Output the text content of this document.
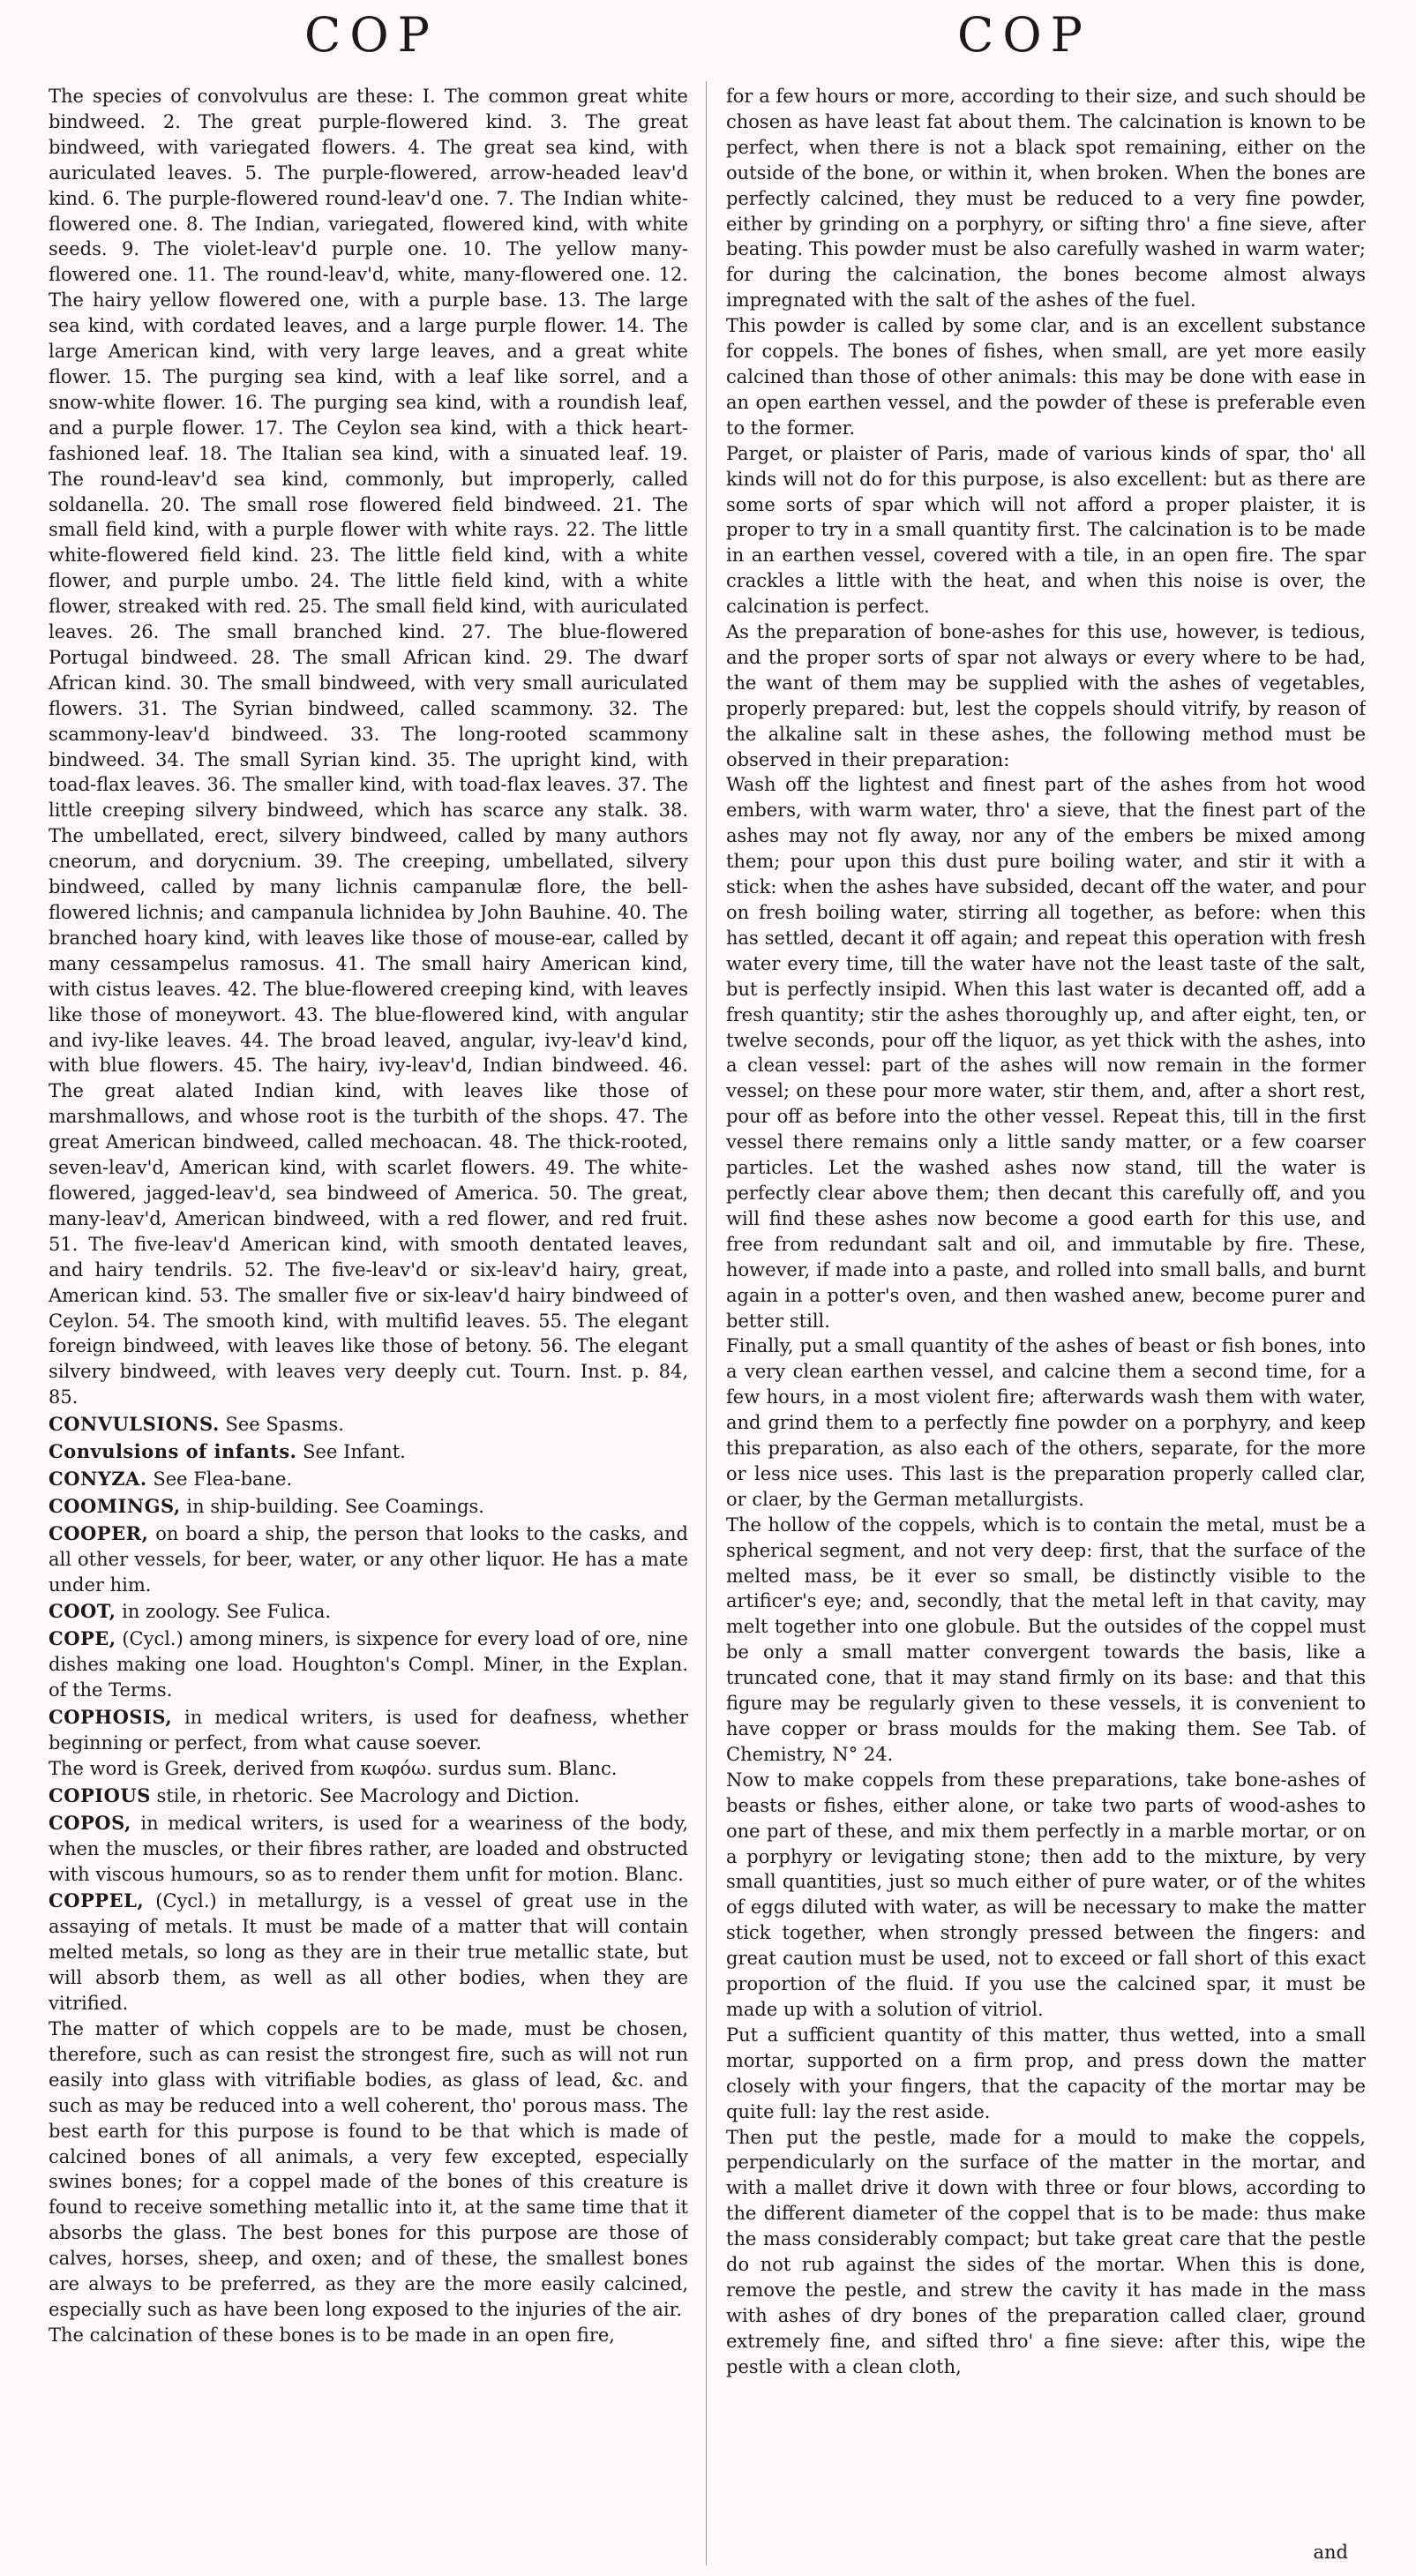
COP	COP

The species of convolvulus are these: I. The common great white bindweed. 2. The great purple-flowered kind. 3. The great bindweed, with variegated flowers. 4. The great sea kind, with auriculated leaves. 5. The purple-flowered, arrow-headed leav'd kind. 6. The purple-flowered round-leav'd one. 7. The Indian white-flowered one. 8. The Indian, variegated, flowered kind, with white seeds. 9. The violet-leav'd purple one. 10. The yellow many-flowered one. 11. The round-leav'd, white, many-flowered one. 12. The hairy yellow flowered one, with a purple base. 13. The large sea kind, with cordated leaves, and a large purple flower. 14. The large American kind, with very large leaves, and a great white flower. 15. The purging sea kind, with a leaf like sorrel, and a snow-white flower. 16. The purging sea kind, with a roundish leaf, and a purple flower. 17. The Ceylon sea kind, with a thick heart-fashioned leaf. 18. The Italian sea kind, with a sinuated leaf. 19. The round-leav'd sea kind, commonly, but improperly, called soldanella. 20. The small rose flowered field bindweed. 21. The small field kind, with a purple flower with white rays. 22. The little white-flowered field kind. 23. The little field kind, with a white flower, and purple umbo. 24. The little field kind, with a white flower, streaked with red. 25. The small field kind, with auriculated leaves. 26. The small branched kind. 27. The blue-flowered Portugal bindweed. 28. The small African kind. 29. The dwarf African kind. 30. The small bindweed, with very small auriculated flowers. 31. The Syrian bindweed, called scammony. 32. The scammony-leav'd bindweed. 33. The long-rooted scammony bindweed. 34. The small Syrian kind. 35. The upright kind, with toad-flax leaves. 36. The smaller kind, with toad-flax leaves. 37. The little creeping silvery bindweed, which has scarce any stalk. 38. The umbellated, erect, silvery bindweed, called by many authors cneorum, and dorycnium. 39. The creeping, umbellated, silvery bindweed, called by many lichnis campanulæ flore, the bell-flowered lichnis; and campanula lichnidea by John Bauhine. 40. The branched hoary kind, with leaves like those of mouse-ear, called by many cessampelus ramosus. 41. The small hairy American kind, with cistus leaves. 42. The blue-flowered creeping kind, with leaves like those of moneywort. 43. The blue-flowered kind, with angular and ivy-like leaves. 44. The broad leaved, angular, ivy-leav'd kind, with blue flowers. 45. The hairy, ivy-leav'd, Indian bindweed. 46. The great alated Indian kind, with leaves like those of marshmallows, and whose root is the turbith of the shops. 47. The great American bindweed, called mechoacan. 48. The thick-rooted, seven-leav'd, American kind, with scarlet flowers. 49. The white-flowered, jagged-leav'd, sea bindweed of America. 50. The great, many-leav'd, American bindweed, with a red flower, and red fruit. 51. The five-leav'd American kind, with smooth dentated leaves, and hairy tendrils. 52. The five-leav'd or six-leav'd hairy, great, American kind. 53. The smaller five or six-leav'd hairy bindweed of Ceylon. 54. The smooth kind, with multifid leaves. 55. The elegant foreign bindweed, with leaves like those of betony. 56. The elegant silvery bindweed, with leaves very deeply cut. Tourn. Inst. p. 84, 85.

CONVULSIONS. See Spasms.

Convulsions of infants. See Infant.

CONYZA. See Flea-bane.

COOMINGS, in ship-building. See Coamings.

COOPER, on board a ship, the person that looks to the casks, and all other vessels, for beer, water, or any other liquor. He has a mate under him.

COOT, in zoology. See Fulica.

COPE, (Cycl.) among miners, is sixpence for every load of ore, nine dishes making one load. Houghton's Compl. Miner, in the Explan. of the Terms.

COPHOSIS, in medical writers, is used for deafness, whether beginning or perfect, from what cause soever.

The word is Greek, derived from κωφόω. surdus sum. Blanc.

COPIOUS stile, in rhetoric. See Macrology and Diction.

COPOS, in medical writers, is used for a weariness of the body, when the muscles, or their fibres rather, are loaded and obstructed with viscous humours, so as to render them unfit for motion. Blanc.

COPPEL, (Cycl.) in metallurgy, is a vessel of great use in the assaying of metals. It must be made of a matter that will contain melted metals, so long as they are in their true metallic state, but will absorb them, as well as all other bodies, when they are vitrified.

The matter of which coppels are to be made, must be chosen, therefore, such as can resist the strongest fire, such as will not run easily into glass with vitrifiable bodies, as glass of lead, &c. and such as may be reduced into a well coherent, tho' porous mass. The best earth for this purpose is found to be that which is made of calcined bones of all animals, a very few excepted, especially swines bones; for a coppel made of the bones of this creature is found to receive something metallic into it, at the same time that it absorbs the glass. The best bones for this purpose are those of calves, horses, sheep, and oxen; and of these, the smallest bones are always to be preferred, as they are the more easily calcined, especially such as have been long exposed to the injuries of the air.

The calcination of these bones is to be made in an open fire,

for a few hours or more, according to their size, and such should be chosen as have least fat about them. The calcination is known to be perfect, when there is not a black spot remaining, either on the outside of the bone, or within it, when broken. When the bones are perfectly calcined, they must be reduced to a very fine powder, either by grinding on a porphyry, or sifting thro' a fine sieve, after beating. This powder must be also carefully washed in warm water; for during the calcination, the bones become almost always impregnated with the salt of the ashes of the fuel.

This powder is called by some clar, and is an excellent substance for coppels. The bones of fishes, when small, are yet more easily calcined than those of other animals: this may be done with ease in an open earthen vessel, and the powder of these is preferable even to the former.

Parget, or plaister of Paris, made of various kinds of spar, tho' all kinds will not do for this purpose, is also excellent: but as there are some sorts of spar which will not afford a proper plaister, it is proper to try in a small quantity first. The calcination is to be made in an earthen vessel, covered with a tile, in an open fire. The spar crackles a little with the heat, and when this noise is over, the calcination is perfect.

As the preparation of bone-ashes for this use, however, is tedious, and the proper sorts of spar not always or every where to be had, the want of them may be supplied with the ashes of vegetables, properly prepared: but, lest the coppels should vitrify, by reason of the alkaline salt in these ashes, the following method must be observed in their preparation:

Wash off the lightest and finest part of the ashes from hot wood embers, with warm water, thro' a sieve, that the finest part of the ashes may not fly away, nor any of the embers be mixed among them; pour upon this dust pure boiling water, and stir it with a stick: when the ashes have subsided, decant off the water, and pour on fresh boiling water, stirring all together, as before: when this has settled, decant it off again; and repeat this operation with fresh water every time, till the water have not the least taste of the salt, but is perfectly insipid. When this last water is decanted off, add a fresh quantity; stir the ashes thoroughly up, and after eight, ten, or twelve seconds, pour off the liquor, as yet thick with the ashes, into a clean vessel: part of the ashes will now remain in the former vessel; on these pour more water, stir them, and, after a short rest, pour off as before into the other vessel. Repeat this, till in the first vessel there remains only a little sandy matter, or a few coarser particles. Let the washed ashes now stand, till the water is perfectly clear above them; then decant this carefully off, and you will find these ashes now become a good earth for this use, and free from redundant salt and oil, and immutable by fire. These, however, if made into a paste, and rolled into small balls, and burnt again in a potter's oven, and then washed anew, become purer and better still.

Finally, put a small quantity of the ashes of beast or fish bones, into a very clean earthen vessel, and calcine them a second time, for a few hours, in a most violent fire; afterwards wash them with water, and grind them to a perfectly fine powder on a porphyry, and keep this preparation, as also each of the others, separate, for the more or less nice uses. This last is the preparation properly called clar, or claer, by the German metallurgists.

The hollow of the coppels, which is to contain the metal, must be a spherical segment, and not very deep: first, that the surface of the melted mass, be it ever so small, be distinctly visible to the artificer's eye; and, secondly, that the metal left in that cavity, may melt together into one globule. But the outsides of the coppel must be only a small matter convergent towards the basis, like a truncated cone, that it may stand firmly on its base: and that this figure may be regularly given to these vessels, it is convenient to have copper or brass moulds for the making them. See Tab. of Chemistry, N° 24.

Now to make coppels from these preparations, take bone-ashes of beasts or fishes, either alone, or take two parts of wood-ashes to one part of these, and mix them perfectly in a marble mortar, or on a porphyry or levigating stone; then add to the mixture, by very small quantities, just so much either of pure water, or of the whites of eggs diluted with water, as will be necessary to make the matter stick together, when strongly pressed between the fingers: and great caution must be used, not to exceed or fall short of this exact proportion of the fluid. If you use the calcined spar, it must be made up with a solution of vitriol.

Put a sufficient quantity of this matter, thus wetted, into a small mortar, supported on a firm prop, and press down the matter closely with your fingers, that the capacity of the mortar may be quite full: lay the rest aside.

Then put the pestle, made for a mould to make the coppels, perpendicularly on the surface of the matter in the mortar, and with a mallet drive it down with three or four blows, according to the different diameter of the coppel that is to be made: thus make the mass considerably compact; but take great care that the pestle do not rub against the sides of the mortar. When this is done, remove the pestle, and strew the cavity it has made in the mass with ashes of dry bones of the preparation called claer, ground extremely fine, and sifted thro' a fine sieve: after this, wipe the pestle with a clean cloth,

and
